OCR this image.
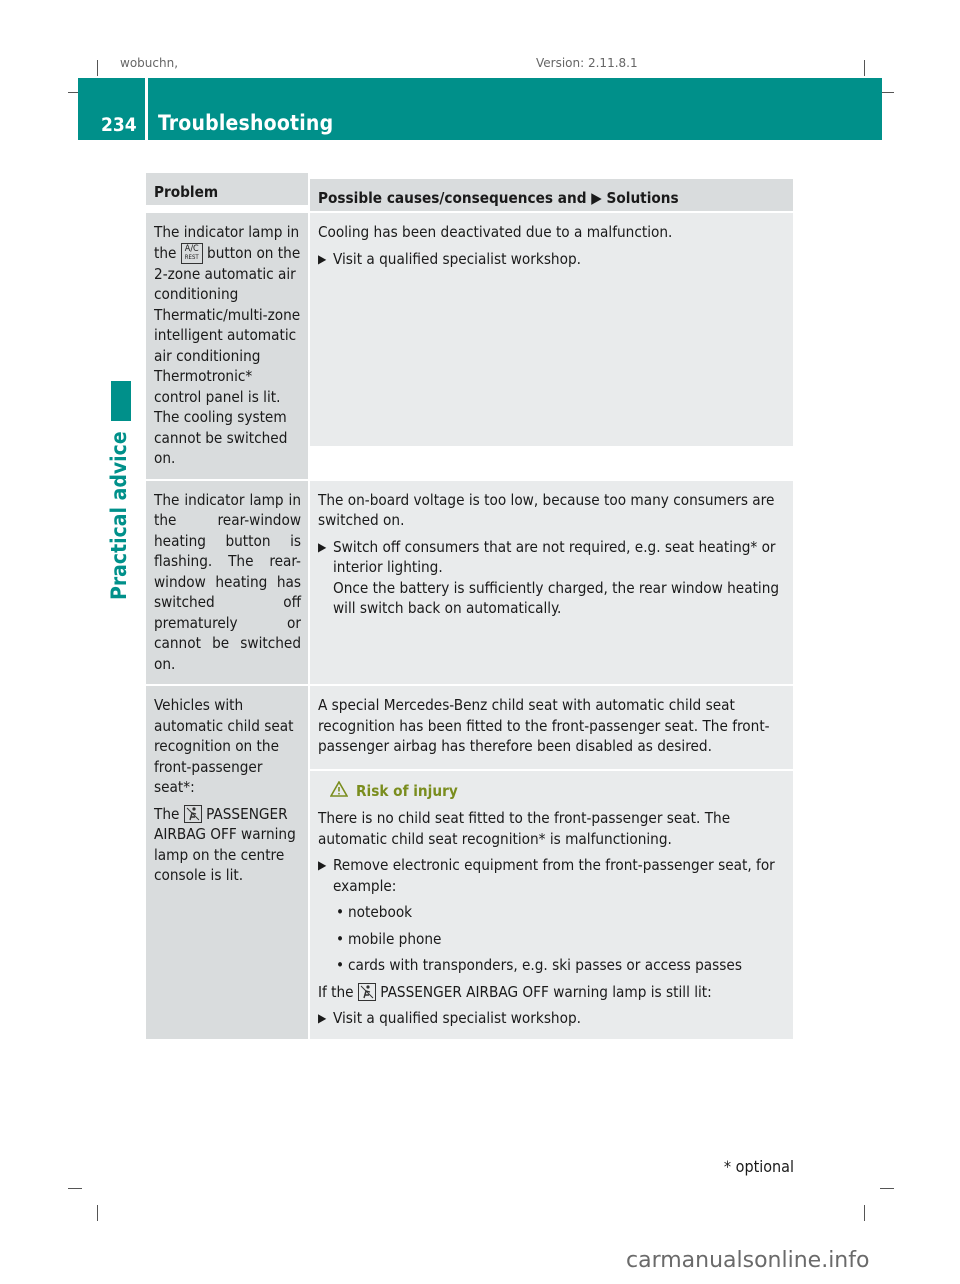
wobuchn,	Version: 2.11.8.1
234 Troubleshooting
Practical advice
Problem	Possible causes/consequences and ▶ Solutions
The indicator lamp in
the A/C
REST button on the 2-zone automatic air conditioning Thermatic/multi-zone intelligent automatic air conditioning
Thermotronic* control panel is lit. The cooling system cannot be switched on.
Cooling has been deactivated due to a malfunction.
▶ Visit a qualified specialist workshop.
The indicator lamp in the rear-window heating button is flashing. The rear-window heating has switched off prematurely or cannot be switched on.
The on-board voltage is too low, because too many consumers are switched on.
▶ Switch off consumers that are not required, e.g. seat heating* or interior lighting.
Once the battery is sufficiently charged, the rear window heating will switch back on automatically.
Vehicles with automatic child seat recognition on the front-passenger seat*:
The PASSENGER AIRBAG OFF warning lamp on the centre console is lit.
A special Mercedes-Benz child seat with automatic child seat recognition has been fitted to the front-passenger seat. The front-passenger airbag has therefore been disabled as desired.
Risk of injury
There is no child seat fitted to the front-passenger seat. The automatic child seat recognition* is malfunctioning.
▶ Remove electronic equipment from the front-passenger seat, for example:
• notebook
• mobile phone
• cards with transponders, e.g. ski passes or access passes
If the PASSENGER AIRBAG OFF warning lamp is still lit:
▶ Visit a qualified specialist workshop.
* optional
carmanualsonline.info
